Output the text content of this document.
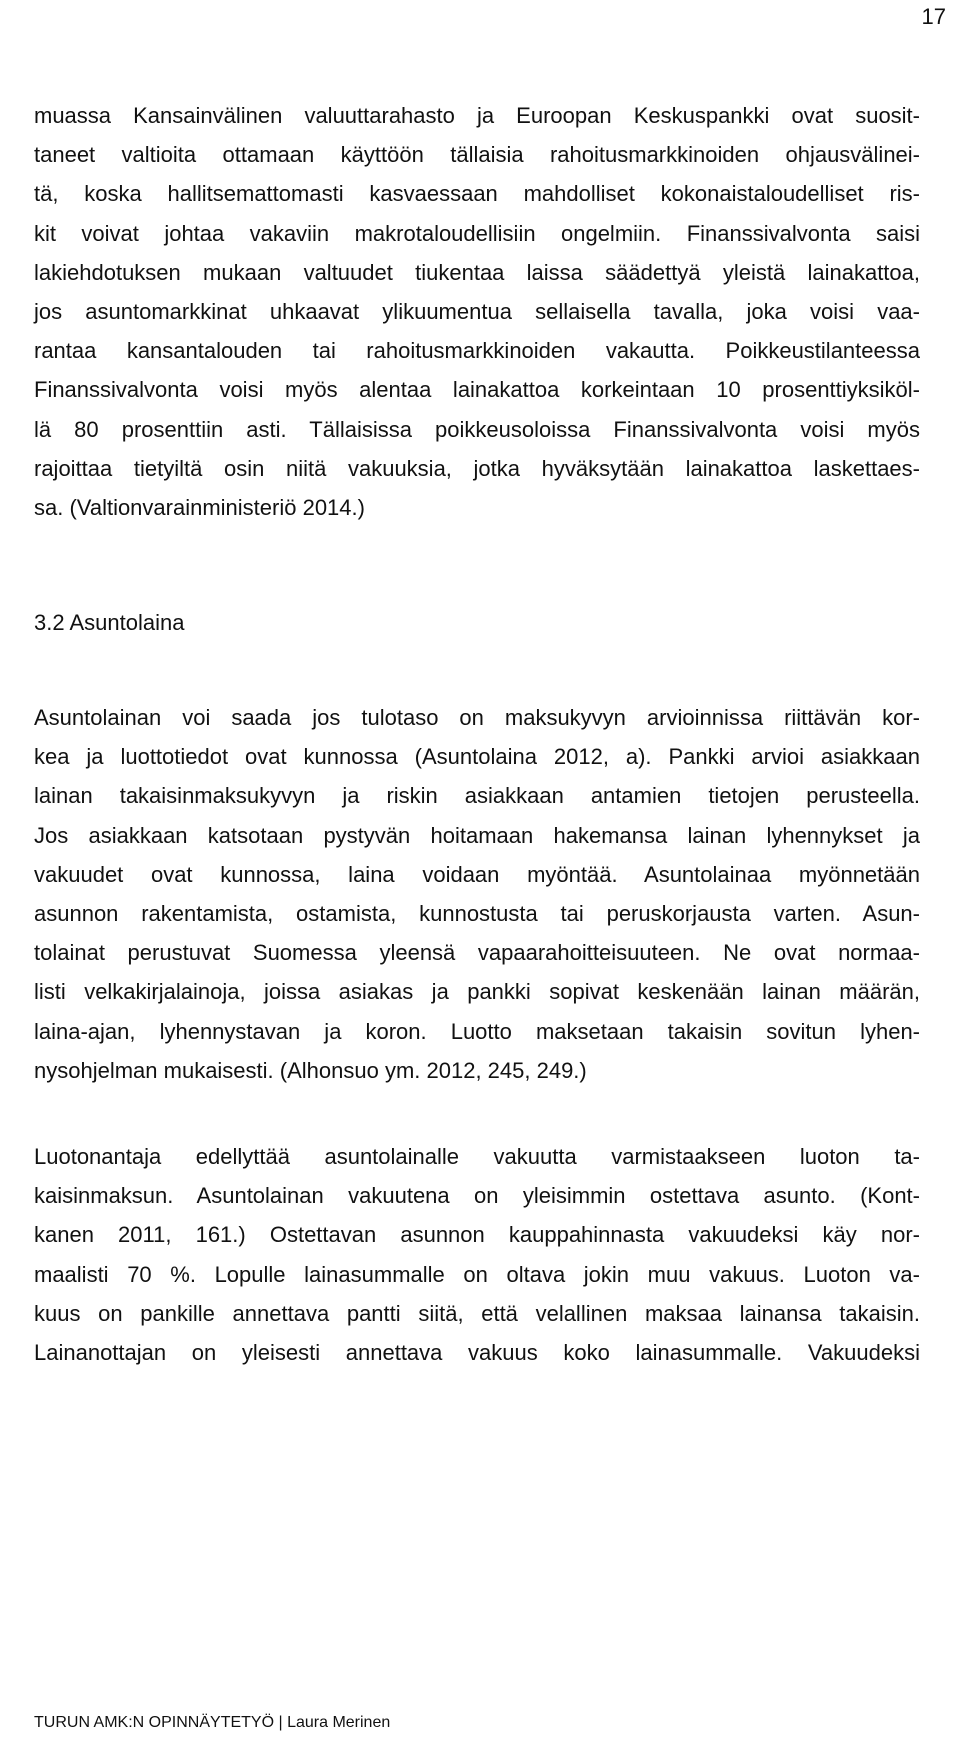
17

muassa Kansainvälinen valuuttarahasto ja Euroopan Keskuspankki ovat suosit-
taneet valtioita ottamaan käyttöön tällaisia rahoitusmarkkinoiden ohjausvälinei-
tä, koska hallitsemattomasti kasvaessaan mahdolliset kokonaistaloudelliset ris-
kit voivat johtaa vakaviin makrotaloudellisiin ongelmiin. Finanssivalvonta saisi
lakiehdotuksen mukaan valtuudet tiukentaa laissa säädettyä yleistä lainakattoa,
jos asuntomarkkinat uhkaavat ylikuumentua sellaisella tavalla, joka voisi vaa-
rantaa kansantalouden tai rahoitusmarkkinoiden vakautta. Poikkeustilanteessa
Finanssivalvonta voisi myös alentaa lainakattoa korkeintaan 10 prosenttiyksiköl-
lä 80 prosenttiin asti. Tällaisissa poikkeusoloissa Finanssivalvonta voisi myös
rajoittaa tietyiltä osin niitä vakuuksia, jotka hyväksytään lainakattoa laskettaes-
sa. (Valtionvarainministeriö 2014.)

3.2 Asuntolaina

Asuntolainan voi saada jos tulotaso on maksukyvyn arvioinnissa riittävän kor-
kea ja luottotiedot ovat kunnossa (Asuntolaina 2012, a). Pankki arvioi asiakkaan
lainan takaisinmaksukyvyn ja riskin asiakkaan antamien tietojen perusteella.
Jos asiakkaan katsotaan pystyvän hoitamaan hakemansa lainan lyhennykset ja
vakuudet ovat kunnossa, laina voidaan myöntää. Asuntolainaa myönnetään
asunnon rakentamista, ostamista, kunnostusta tai peruskorjausta varten. Asun-
tolainat perustuvat Suomessa yleensä vapaarahoitteisuuteen. Ne ovat normaa-
listi velkakirjalainoja, joissa asiakas ja pankki sopivat keskenään lainan määrän,
laina-ajan, lyhennystavan ja koron. Luotto maksetaan takaisin sovitun lyhen-
nysohjelman mukaisesti. (Alhonsuo ym. 2012, 245, 249.)

Luotonantaja edellyttää asuntolainalle vakuutta varmistaakseen luoton ta-
kaisinmaksun. Asuntolainan vakuutena on yleisimmin ostettava asunto. (Kont-
kanen 2011, 161.) Ostettavan asunnon kauppahinnasta vakuudeksi käy nor-
maalisti 70 %. Lopulle lainasummalle on oltava jokin muu vakuus. Luoton va-
kuus on pankille annettava pantti siitä, että velallinen maksaa lainansa takaisin.
Lainanottajan on yleisesti annettava vakuus koko lainasummalle. Vakuudeksi

TURUN AMK:N OPINNÄYTETYÖ | Laura Merinen
